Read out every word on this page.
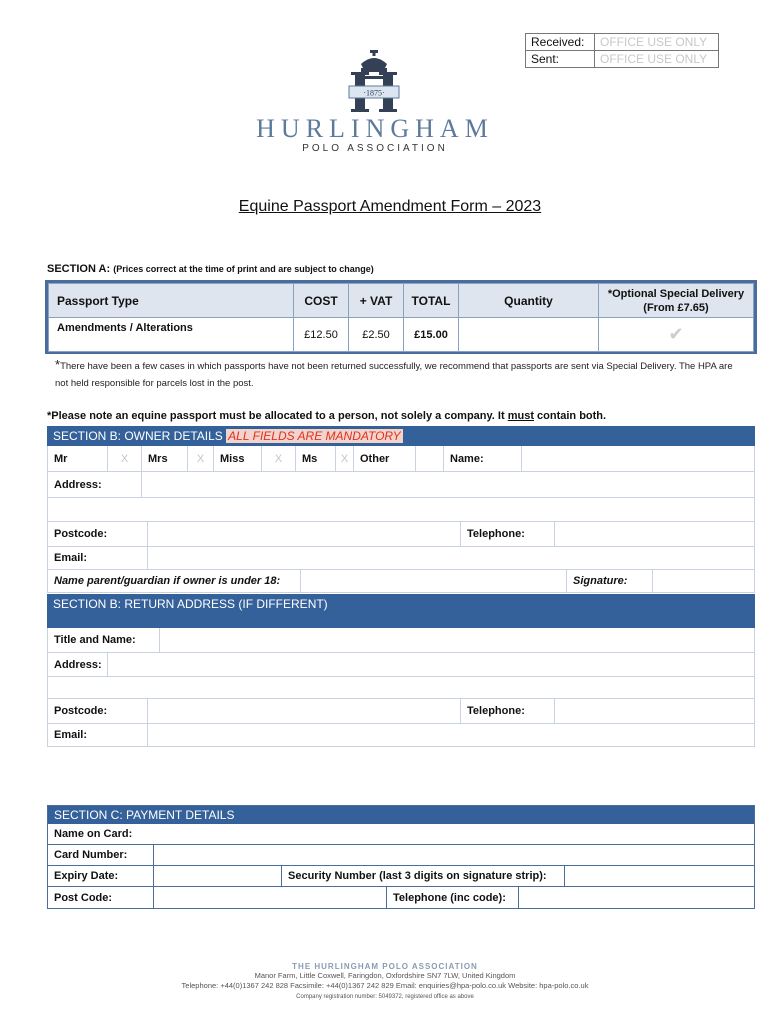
Received:	OFFICE USE ONLY
Sent:	OFFICE USE ONLY
·1875·
HURLINGHAM
POLO ASSOCIATION
Equine Passport Amendment Form – 2023
SECTION A: (Prices correct at the time of print and are subject to change)
Passport Type	COST	+ VAT	TOTAL	Quantity	*Optional Special Delivery (From £7.65)
Amendments / Alterations	£12.50	£2.50	£15.00		✔
*There have been a few cases in which passports have not been returned successfully, we recommend that passports are sent via Special Delivery. The HPA are not held responsible for parcels lost in the post.
*Please note an equine passport must be allocated to a person, not solely a company. It must contain both.
SECTION B: OWNER DETAILS ALL FIELDS ARE MANDATORY
Mr	X	Mrs	X	Miss	X	Ms	X	Other	Name:
Address:
Postcode:	Telephone:
Email:
Name parent/guardian if owner is under 18:	Signature:
SECTION B: RETURN ADDRESS (IF DIFFERENT)
Title and Name:
Address:
Postcode:	Telephone:
Email:
SECTION C: PAYMENT DETAILS
Name on Card:
Card Number:
Expiry Date:	Security Number (last 3 digits on signature strip):
Post Code:	Telephone (inc code):
THE HURLINGHAM POLO ASSOCIATION
Manor Farm, Little Coxwell, Faringdon, Oxfordshire SN7 7LW, United Kingdom
Telephone: +44(0)1367 242 828 Facsimile: +44(0)1367 242 829 Email: enquiries@hpa-polo.co.uk Website: hpa-polo.co.uk
Company registration number: 5049372, registered office as above
